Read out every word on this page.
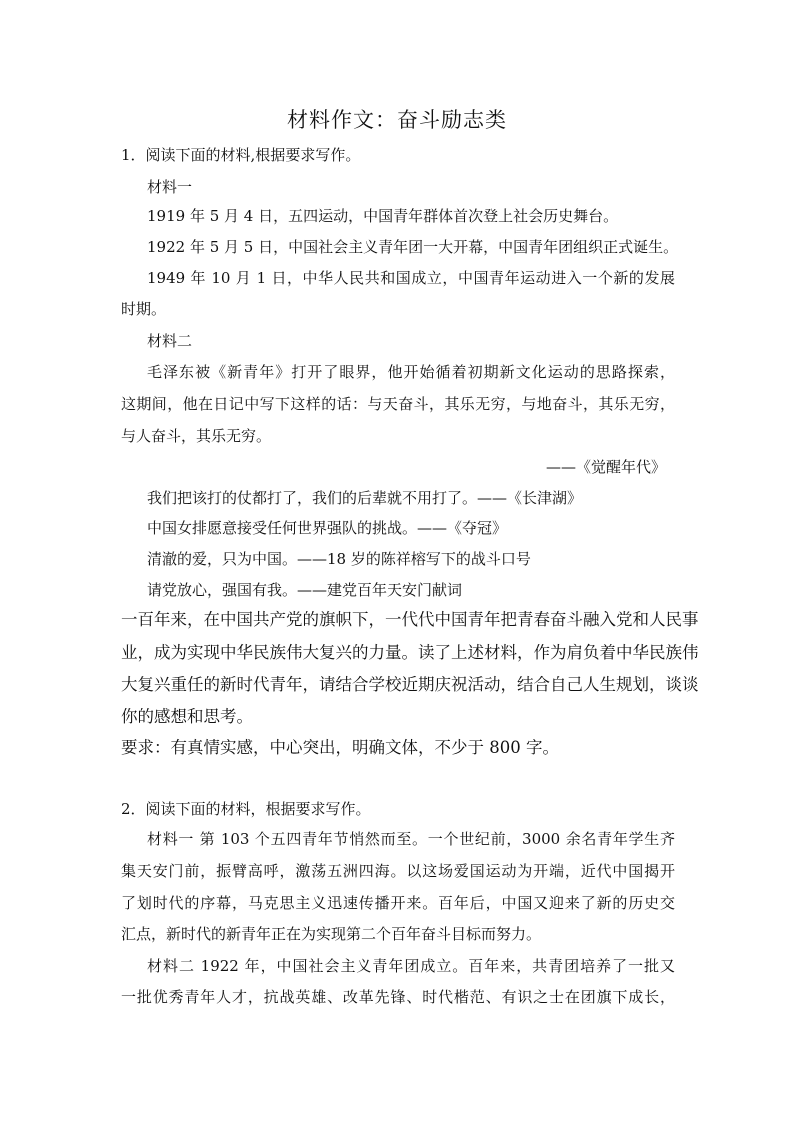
材料作文：奋斗励志类
1．阅读下面的材料,根据要求写作。
材料一
1919 年 5 月 4 日，五四运动，中国青年群体首次登上社会历史舞台。
1922 年 5 月 5 日，中国社会主义青年团一大开幕，中国青年团组织正式诞生。
1949 年 10 月 1 日，中华人民共和国成立，中国青年运动进入一个新的发展
时期。
材料二
毛泽东被《新青年》打开了眼界，他开始循着初期新文化运动的思路探索，
这期间，他在日记中写下这样的话：与天奋斗，其乐无穷，与地奋斗，其乐无穷，
与人奋斗，其乐无穷。
——《觉醒年代》
我们把该打的仗都打了，我们的后辈就不用打了。——《长津湖》
中国女排愿意接受任何世界强队的挑战。——《夺冠》
清澈的爱，只为中国。——18 岁的陈祥榕写下的战斗口号
请党放心，强国有我。——建党百年天安门献词
一百年来，在中国共产党的旗帜下，一代代中国青年把青春奋斗融入党和人民事
业，成为实现中华民族伟大复兴的力量。读了上述材料，作为肩负着中华民族伟
大复兴重任的新时代青年，请结合学校近期庆祝活动，结合自己人生规划，谈谈
你的感想和思考。
要求：有真情实感，中心突出，明确文体，不少于 800 字。
2．阅读下面的材料，根据要求写作。
材料一 第 103 个五四青年节悄然而至。一个世纪前，3000 余名青年学生齐
集天安门前，振臂高呼，激荡五洲四海。以这场爱国运动为开端，近代中国揭开
了划时代的序幕，马克思主义迅速传播开来。百年后，中国又迎来了新的历史交
汇点，新时代的新青年正在为实现第二个百年奋斗目标而努力。
材料二 1922 年，中国社会主义青年团成立。百年来，共青团培养了一批又
一批优秀青年人才，抗战英雄、改革先锋、时代楷范、有识之士在团旗下成长，
